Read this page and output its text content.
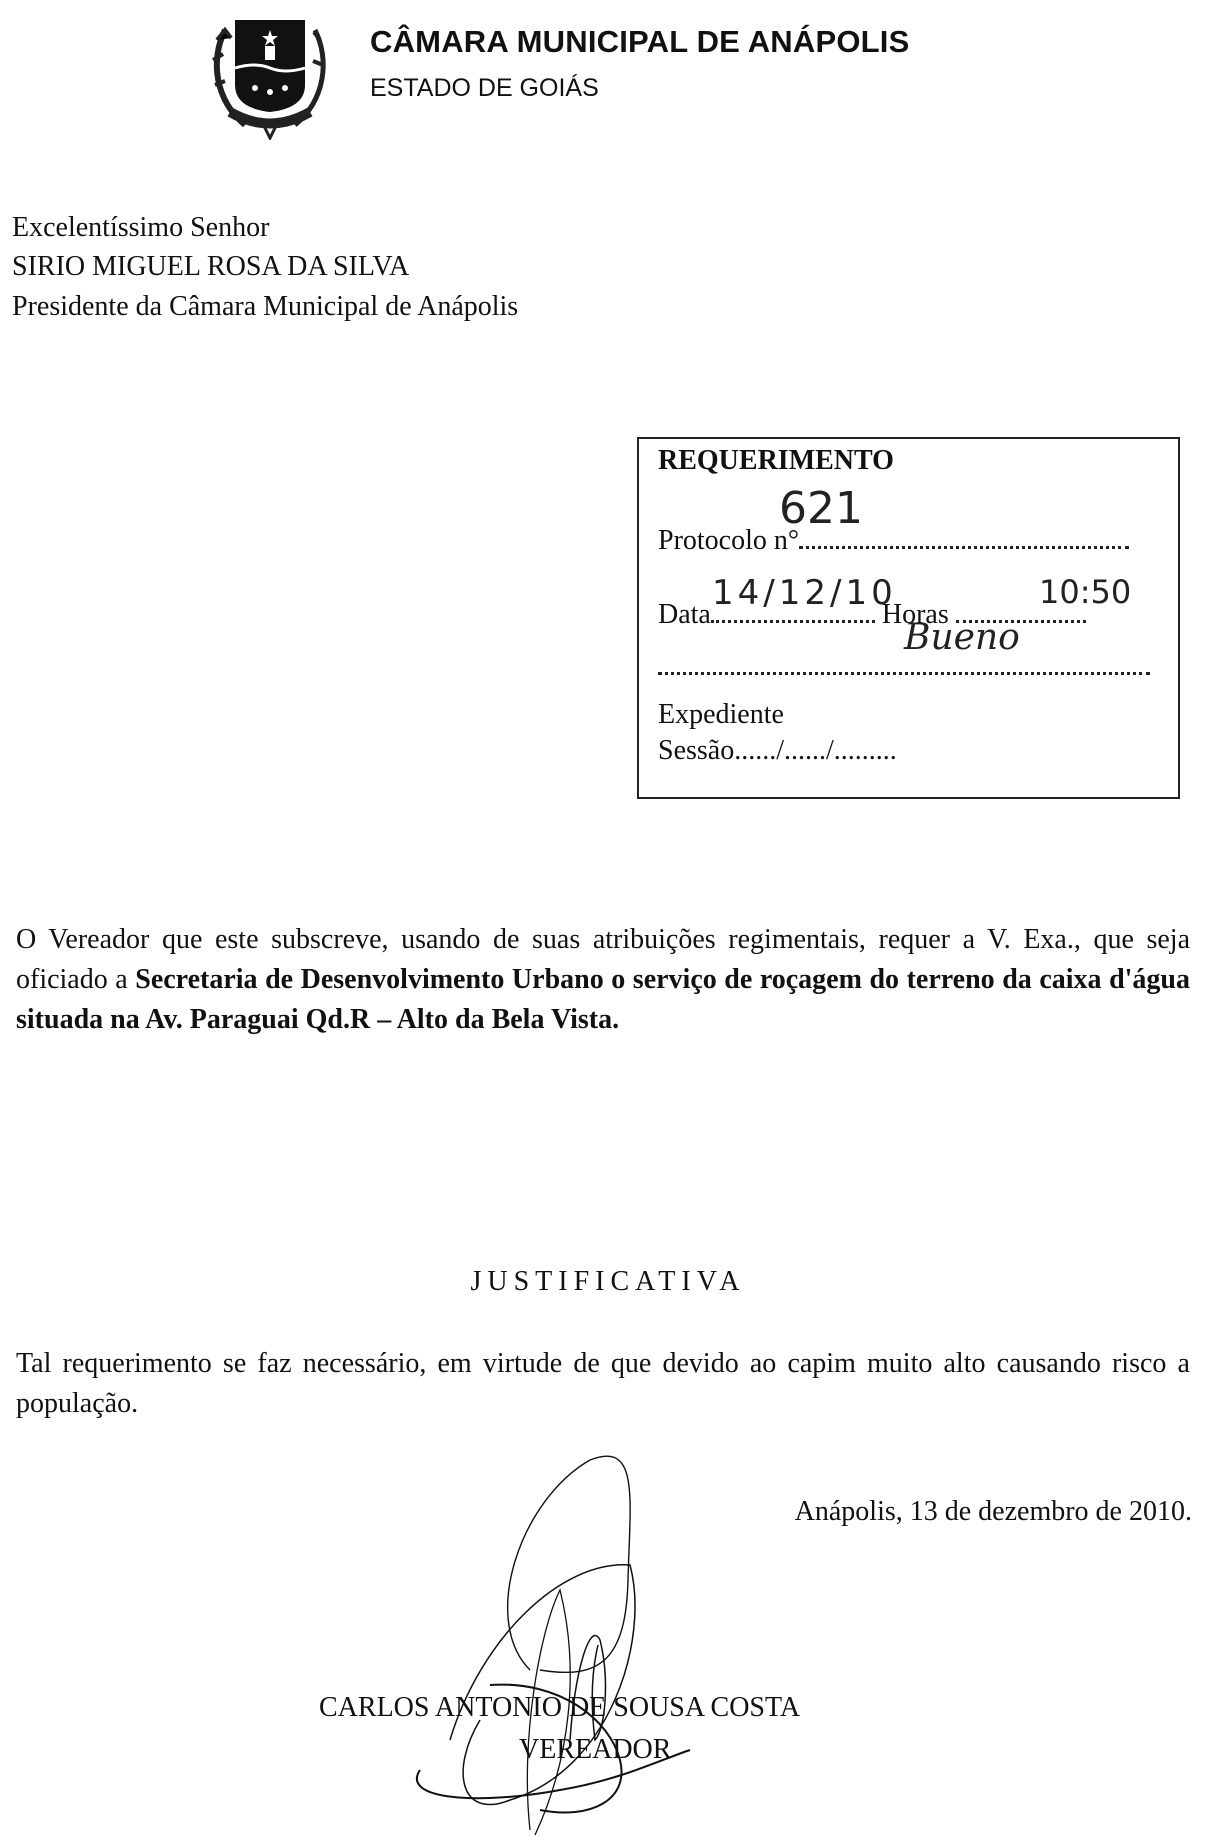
CÂMARA MUNICIPAL DE ANÁPOLIS
ESTADO DE GOIÁS
Excelentíssimo Senhor
SIRIO MIGUEL ROSA DA SILVA
Presidente da Câmara Municipal de Anápolis
REQUERIMENTO
Protocolo n°
621
Data	Horas
14/12/10	10:50
Bueno
Expediente
Sessão....../....../.........
O Vereador que este subscreve, usando de suas atribuições regimentais, requer a V. Exa., que seja oficiado a Secretaria de Desenvolvimento Urbano o serviço de roçagem do terreno da caixa d'água situada na Av. Paraguai Qd.R – Alto da Bela Vista.
JUSTIFICATIVA
Tal requerimento se faz necessário, em virtude de que devido ao capim muito alto causando risco a população.
Anápolis, 13 de dezembro de 2010.
CARLOS ANTONIO DE SOUSA COSTA
VEREADOR
